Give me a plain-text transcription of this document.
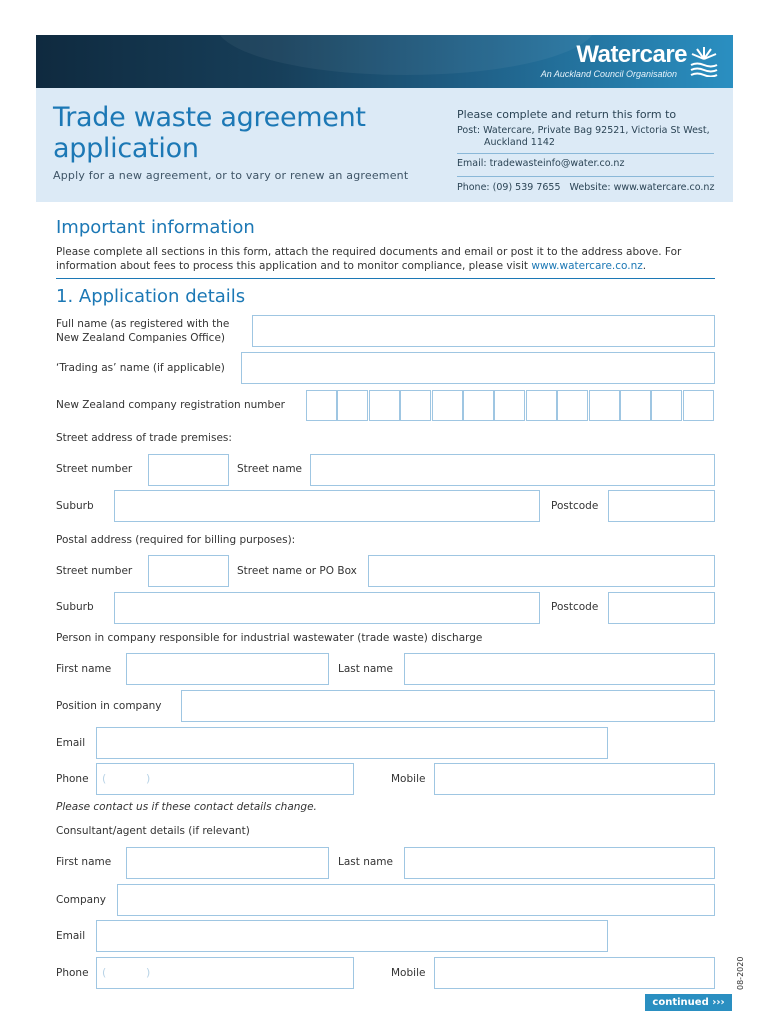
Watercare
An Auckland Council Organisation
Trade waste agreement
application
Apply for a new agreement, or to vary or renew an agreement
Please complete and return this form to
Post: Watercare, Private Bag 92521, Victoria St West,
Auckland 1142
Email: tradewasteinfo@water.co.nz
Phone: (09) 539 7655 Website: www.watercare.co.nz
Important information
Please complete all sections in this form, attach the required documents and email or post it to the address above. For information about fees to process this application and to monitor compliance, please visit www.watercare.co.nz.
1. Application details
Full name (as registered with the
New Zealand Companies Office)
‘Trading as’ name (if applicable)
New Zealand company registration number
Street address of trade premises:
Street number	Street name
Suburb	Postcode
Postal address (required for billing purposes):
Street number	Street name or PO Box
Suburb	Postcode
Person in company responsible for industrial wastewater (trade waste) discharge
First name	Last name
Position in company
Email
Phone (	)	Mobile
Please contact us if these contact details change.
Consultant/agent details (if relevant)
First name	Last name
Company
Email
Phone (	)	Mobile
continued ›››
08-2020
